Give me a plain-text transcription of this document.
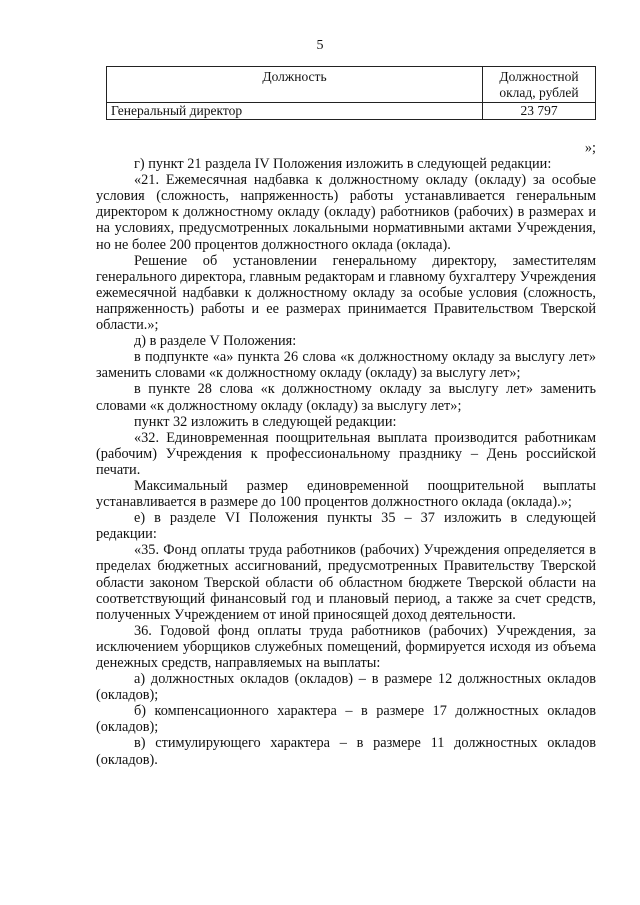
5
Должность	Должностной оклад, рублей
Генеральный директор	23 797

»;

г) пункт 21 раздела IV Положения изложить в следующей редакции:

«21. Ежемесячная надбавка к должностному окладу (окладу) за особые условия (сложность, напряженность) работы устанавливается генеральным директором к должностному окладу (окладу) работников (рабочих) в размерах и на условиях, предусмотренных локальными нормативными актами Учреждения, но не более 200 процентов должностного оклада (оклада).

Решение об установлении генеральному директору, заместителям генерального директора, главным редакторам и главному бухгалтеру Учреждения ежемесячной надбавки к должностному окладу за особые условия (сложность, напряженность) работы и ее размерах принимается Правительством Тверской области.»;

д) в разделе V Положения:

в подпункте «а» пункта 26 слова «к должностному окладу за выслугу лет» заменить словами «к должностному окладу (окладу) за выслугу лет»;

в пункте 28 слова «к должностному окладу за выслугу лет» заменить словами «к должностному окладу (окладу) за выслугу лет»;

пункт 32 изложить в следующей редакции:

«32. Единовременная поощрительная выплата производится работникам (рабочим) Учреждения к профессиональному празднику – День российской печати.

Максимальный размер единовременной поощрительной выплаты устанавливается в размере до 100 процентов должностного оклада (оклада).»;

е) в разделе VI Положения пункты 35 – 37 изложить в следующей редакции:

«35. Фонд оплаты труда работников (рабочих) Учреждения определяется в пределах бюджетных ассигнований, предусмотренных Правительству Тверской области законом Тверской области об областном бюджете Тверской области на соответствующий финансовый год и плановый период, а также за счет средств, полученных Учреждением от иной приносящей доход деятельности.

36. Годовой фонд оплаты труда работников (рабочих) Учреждения, за исключением уборщиков служебных помещений, формируется исходя из объема денежных средств, направляемых на выплаты:

а) должностных окладов (окладов) – в размере 12 должностных окладов (окладов);

б) компенсационного характера – в размере 17 должностных окладов (окладов);

в) стимулирующего характера – в размере 11 должностных окладов (окладов).
